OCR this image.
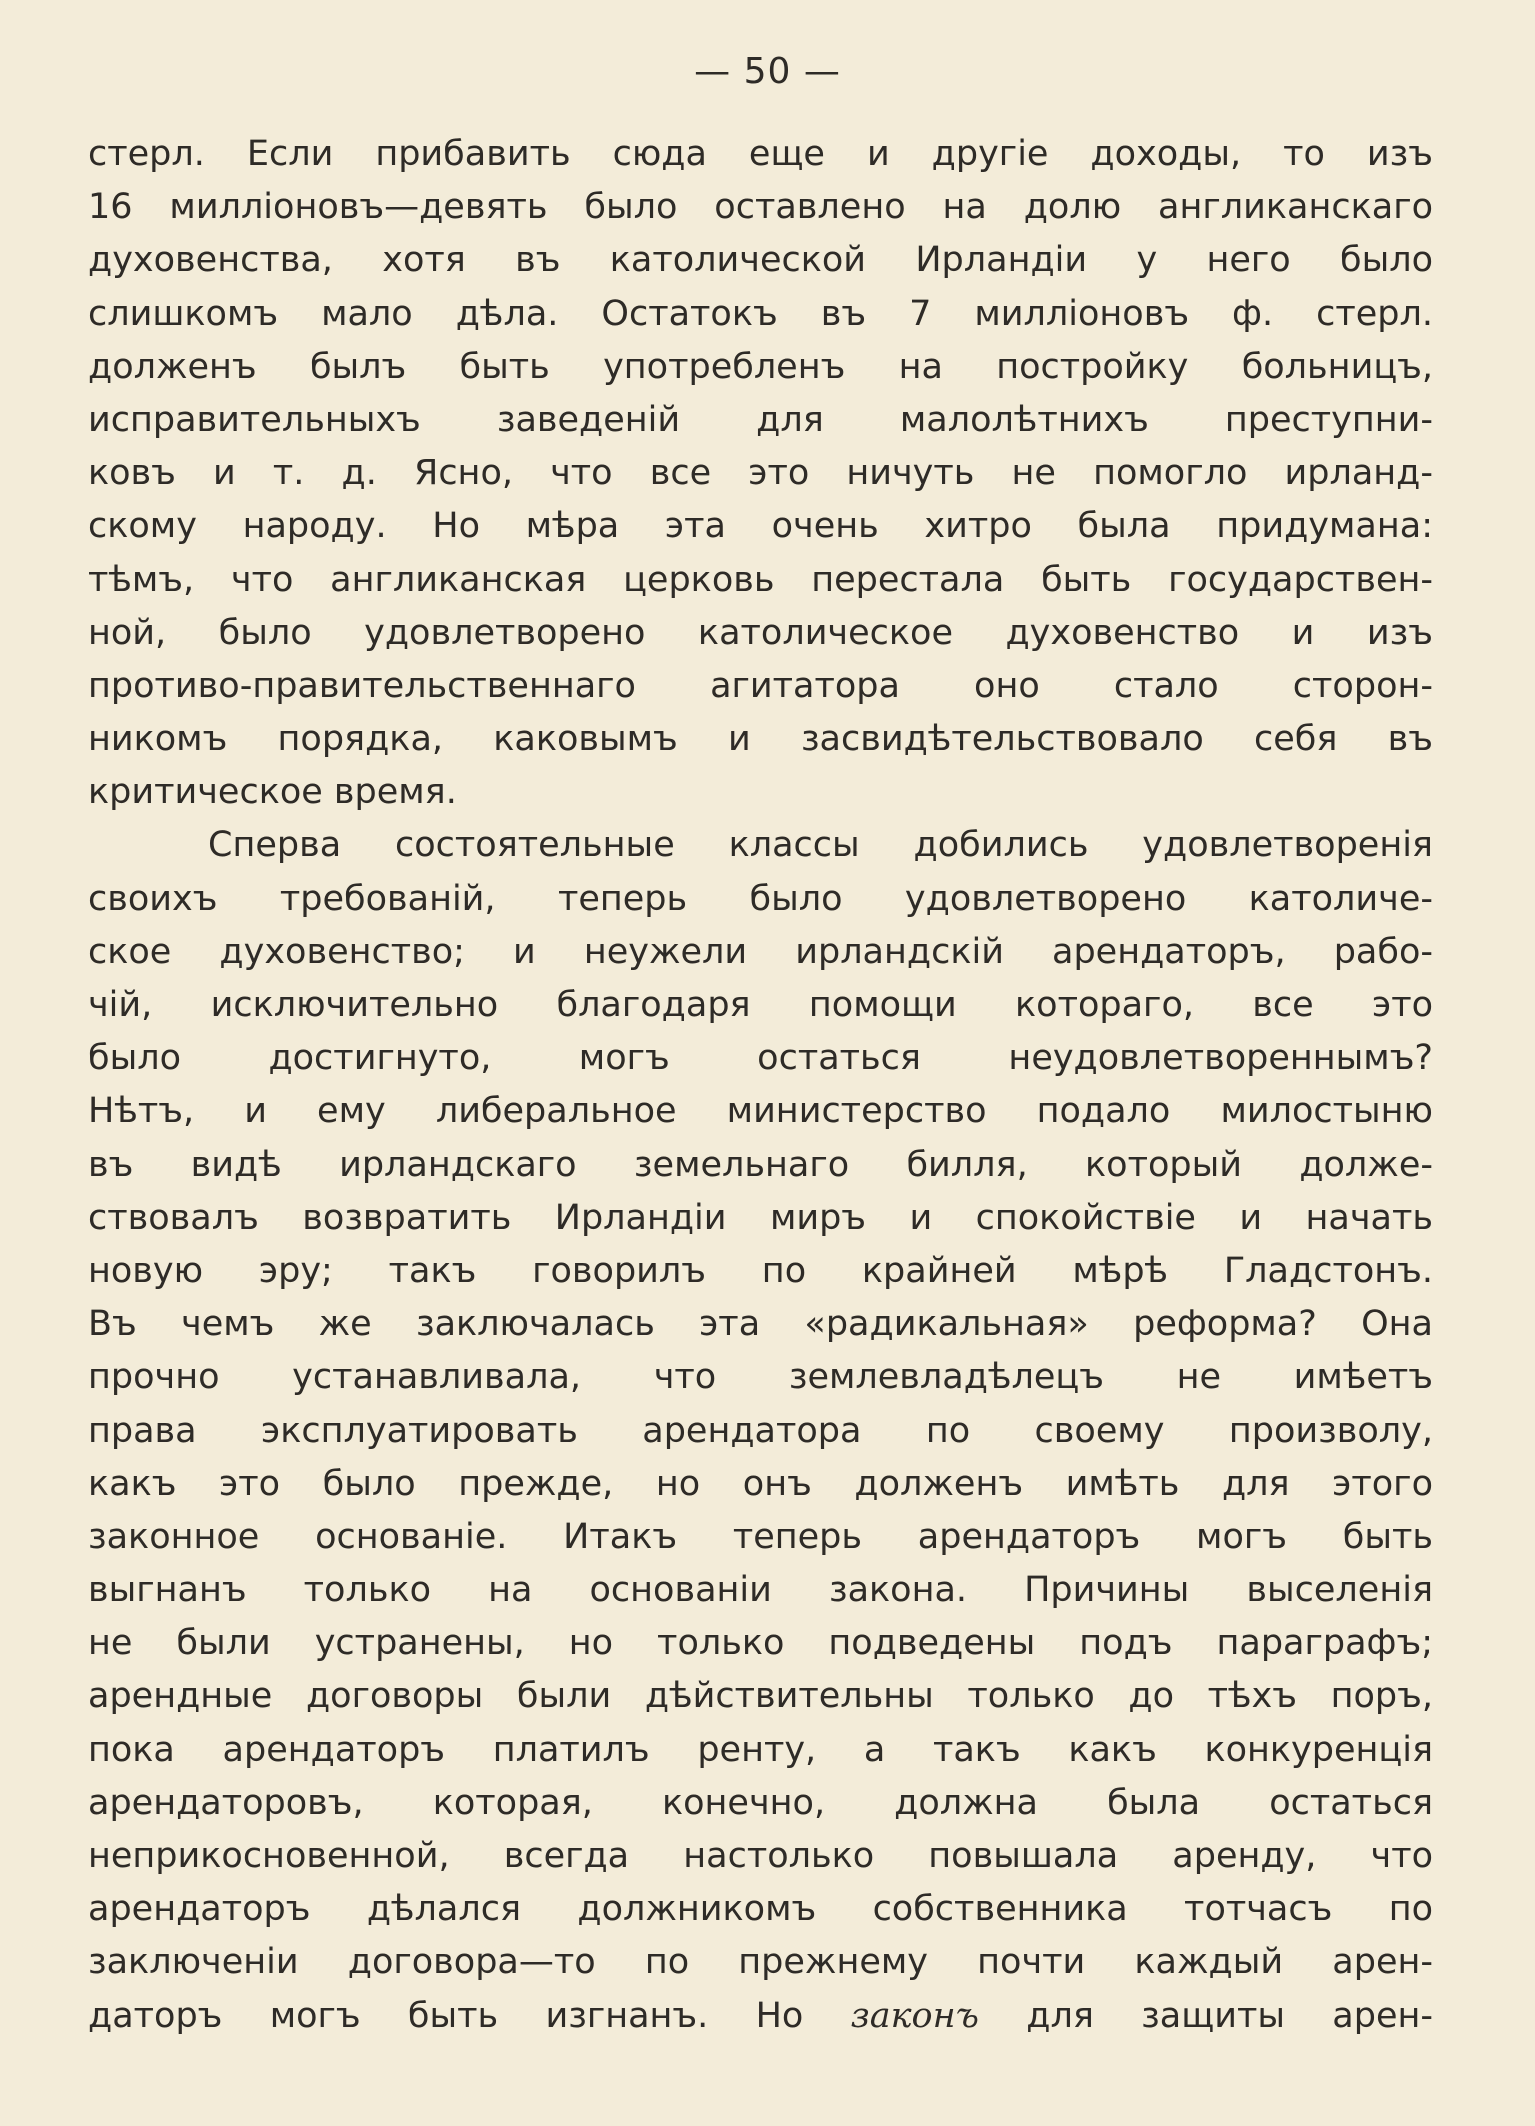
— 50 —
стерл. Если прибавить сюда еще и другіе доходы, то изъ
16 милліоновъ—девять было оставлено на долю англиканскаго
духовенства, хотя въ католической Ирландіи у него было
слишкомъ мало дѣла. Остатокъ въ 7 милліоновъ ф. стерл.
долженъ былъ быть употребленъ на постройку больницъ,
исправительныхъ заведеній для малолѣтнихъ преступни-
ковъ и т. д. Ясно, что все это ничуть не помогло ирланд-
скому народу. Но мѣра эта очень хитро была придумана:
тѣмъ, что англиканская церковь перестала быть государствен-
ной, было удовлетворено католическое духовенство и изъ
противо-правительственнаго агитатора оно стало сторон-
никомъ порядка, каковымъ и засвидѣтельствовало себя въ
критическое время.
Сперва состоятельные классы добились удовлетворенія
своихъ требованій, теперь было удовлетворено католиче-
ское духовенство; и неужели ирландскій арендаторъ, рабо-
чій, исключительно благодаря помощи котораго, все это
было достигнуто, могъ остаться неудовлетвореннымъ?
Нѣтъ, и ему либеральное министерство подало милостыню
въ видѣ ирландскаго земельнаго билля, который долже-
ствовалъ возвратить Ирландіи миръ и спокойствіе и начать
новую эру; такъ говорилъ по крайней мѣрѣ Гладстонъ.
Въ чемъ же заключалась эта «радикальная» реформа? Она
прочно устанавливала, что землевладѣлецъ не имѣетъ
права эксплуатировать арендатора по своему произволу,
какъ это было прежде, но онъ долженъ имѣть для этого
законное основаніе. Итакъ теперь арендаторъ могъ быть
выгнанъ только на основаніи закона. Причины выселенія
не были устранены, но только подведены подъ параграфъ;
арендные договоры были дѣйствительны только до тѣхъ поръ,
пока арендаторъ платилъ ренту, а такъ какъ конкуренція
арендаторовъ, которая, конечно, должна была остаться
неприкосновенной, всегда настолько повышала аренду, что
арендаторъ дѣлался должникомъ собственника тотчасъ по
заключеніи договора—то по прежнему почти каждый арен-
даторъ могъ быть изгнанъ. Но законъ для защиты арен-
